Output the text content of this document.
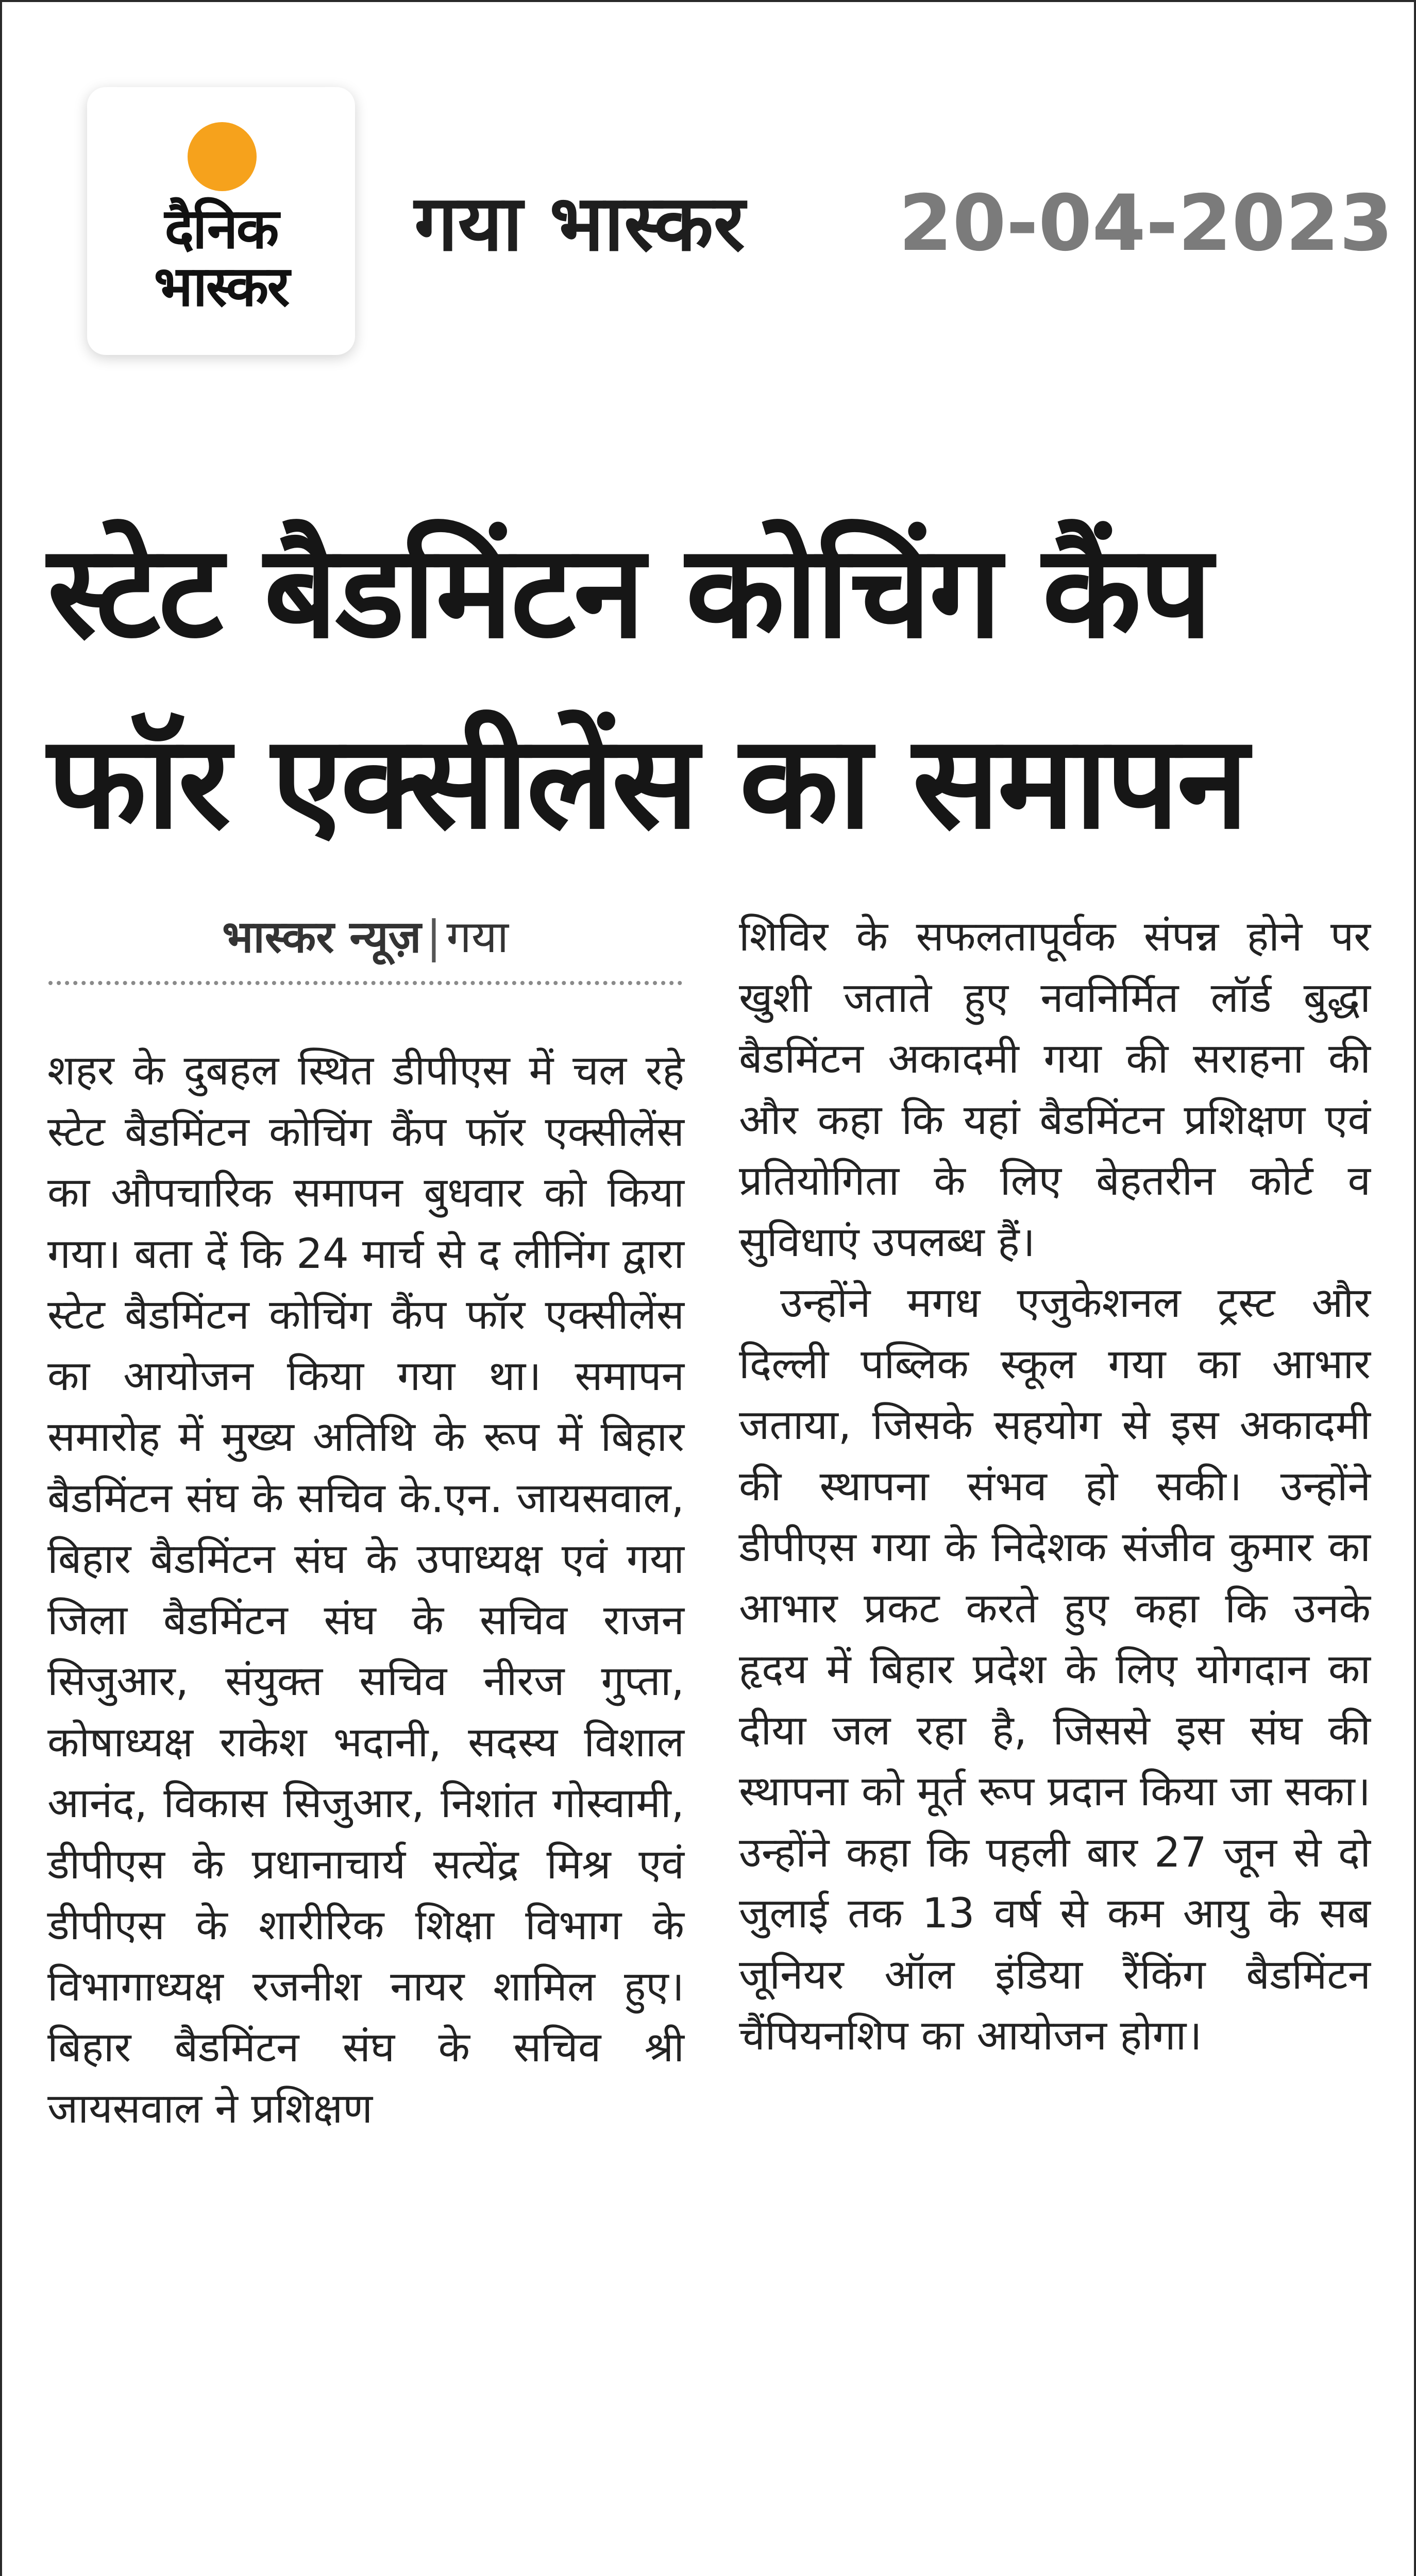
दैनिक
भास्कर
गया भास्कर 20-04-2023
स्टेट बैडमिंटन कोचिंग कैंप
फॉर एक्सीलेंस का समापन
भास्कर न्यूज़ | गया

शहर के दुबहल स्थित डीपीएस में चल रहे स्टेट बैडमिंटन कोचिंग कैंप फॉर एक्सीलेंस का औपचारिक समापन बुधवार को किया गया। बता दें कि 24 मार्च से द लीनिंग द्वारा स्टेट बैडमिंटन कोचिंग कैंप फॉर एक्सीलेंस का आयोजन किया गया था। समापन समारोह में मुख्य अतिथि के रूप में बिहार बैडमिंटन संघ के सचिव के.एन. जायसवाल, बिहार बैडमिंटन संघ के उपाध्यक्ष एवं गया जिला बैडमिंटन संघ के सचिव राजन सिजुआर, संयुक्त सचिव नीरज गुप्ता, कोषाध्यक्ष राकेश भदानी, सदस्य विशाल आनंद, विकास सिजुआर, निशांत गोस्वामी, डीपीएस के प्रधानाचार्य सत्येंद्र मिश्र एवं डीपीएस के शारीरिक शिक्षा विभाग के विभागाध्यक्ष रजनीश नायर शामिल हुए। बिहार बैडमिंटन संघ के सचिव श्री जायसवाल ने प्रशिक्षण

शिविर के सफलतापूर्वक संपन्न होने पर खुशी जताते हुए नवनिर्मित लॉर्ड बुद्धा बैडमिंटन अकादमी गया की सराहना की और कहा कि यहां बैडमिंटन प्रशिक्षण एवं प्रतियोगिता के लिए बेहतरीन कोर्ट व सुविधाएं उपलब्ध हैं।

उन्होंने मगध एजुकेशनल ट्रस्ट और दिल्ली पब्लिक स्कूल गया का आभार जताया, जिसके सहयोग से इस अकादमी की स्थापना संभव हो सकी। उन्होंने डीपीएस गया के निदेशक संजीव कुमार का आभार प्रकट करते हुए कहा कि उनके हृदय में बिहार प्रदेश के लिए योगदान का दीया जल रहा है, जिससे इस संघ की स्थापना को मूर्त रूप प्रदान किया जा सका। उन्होंने कहा कि पहली बार 27 जून से दो जुलाई तक 13 वर्ष से कम आयु के सब जूनियर ऑल इंडिया रैंकिंग बैडमिंटन चैंपियनशिप का आयोजन होगा।
